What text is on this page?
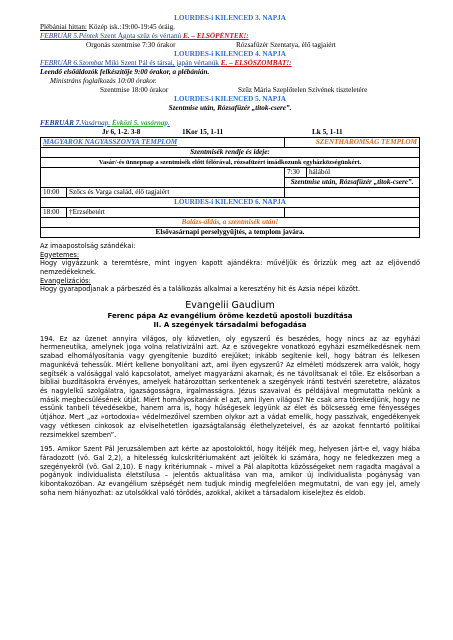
LOURDES-i KILENCED 3. NAPJA
Plébániai hittan: Közép isk.:19:00-19:45 óráig.
FEBRUÁR 5.Péntek Szent Ágota szűz és vértanú E. – ELSŐPÉNTEK!:
Orgonás szentmise 7:30 órakor	Rózsafüzér Szentatya, élő tagjaiért
LOURDES-i KILENCED 4. NAPJA
FEBRUÁR 6.Szombat Miki Szent Pál és társai, japán vértanúk E. – ELSŐSZOMBAT!:
Leendő elsőáldozók felkészítője 9:00 órakor, a plébánián.
Ministráns foglalkozás 10:00 órakor.
Szentmise 18:00 órakor	Szűz Mária Szeplőtelen Szívének tiszteletére
LOURDES-i KILENCED 5. NAPJA
Szentmise után, Rózsafüzér „titok-csere”.
FEBRUÁR 7.Vasárnap. Évközi 5. vasárnap.
Jr 6, 1-2. 3-8	1Kor 15, 1-11	Lk 5, 1-11
MAGYAROK NAGYASSZONYA TEMPLOM		SZENTHÁROMSÁG TEMPLOM	
Szentmisék rendje és ideje:			
Vasár/-és ünnepnap a szentmisék előtt félórával, rózsafüzért imádkozunk egyházközségünkért.			
		7:30	hálából
		Szentmise után, Rózsafüzér „titok-csere”.	
10:00	Szőcs és Varga család, élő tagjaiért		
LOURDES-i KILENCED 6. NAPJA			
18:00	†Erzsébetért		
Balázs-áldás, a szentmisék után!			
Elsővasárnapi perselygyűjtés, a templom javára.			
Az imaapostolság szándékai:
Egyetemes:
Hogy vigyázzunk a teremtésre, mint ingyen kapott ajándékra: művéljük és őrizzük meg azt az eljövendő nemzedékeknek.
Evangelizációs:
Hogy gyarapodjanak a párbeszéd és a találkozás alkalmai a keresztény hit és Ázsia népei között.
Evangelii Gaudium
Ferenc pápa Az evangélium öröme kezdetű apostoli buzdítása
II. A szegények társadalmi befogadása
194. Ez az üzenet annyira világos, oly közvetlen, oly egyszerű és beszédes, hogy nincs az az egyházi hermeneutika, amelynek joga volna relativizálni azt. Az e szövegekre vonatkozó egyházi eszmélkedésnek nem szabad elhomályosítania vagy gyengítenie buzdító erejüket; inkább segítenie kell, hogy bátran és lelkesen magunkévá tehessük. Miért kellene bonyolítani azt, ami ilyen egyszerű? Az elméleti módszerek arra valók, hogy segítsék a valósággal való kapcsolatot, amelyet magyarázni akarnak, és ne távolítsanak el tőle. Ez elsősorban a bibliai buzdításokra érvényes, amelyek határozottan serkentenek a szegények iránti testvéri szeretetre, alázatos és nagylelkű szolgálatra, igazságosságra, irgalmasságra. Jézus szavaival és példájával megmutatta nekünk a másik megbecsülésének útját. Miért homályosítanánk el azt, ami ilyen világos? Ne csak arra törekedjünk, hogy ne essünk tanbeli tévedésekbe, hanem arra is, hogy hűségesek legyünk az élet és bölcsesség eme fényességes útjához. Mert „az »ortodoxia« védelmezőivel szemben olykor azt a vádat emelik, hogy passzívak, engedékenyek vagy vétkesen cinkosok az elviselhetetlen igazságtalanság élethelyzeteivel, és az azokat fenntartó politikai rezsimekkel szemben”.
195. Amikor Szent Pál Jeruzsálemben azt kérte az apostoloktól, hogy ítéljék meg, helyesen járt-e el, vagy hiába fáradozott (vö. Gal 2,2), a hitelesség kulcskritériumaként azt jelölték ki számára, hogy ne feledkezzen meg a szegényekről (vö. Gal 2,10). E nagy kritériumnak – mivel a Pál alapította közösségeket nem ragadta magával a pogányok individualista életstílusa – jelentős aktualitása van ma, amikor új individualista pogányság van kibontakozóban. Az evangélium szépségét nem tudjuk mindig megfelelően megmutatni, de van egy jel, amely soha nem hiányozhat: az utolsókkal való törődés, azokkal, akiket a társadalom kiselejtez és eldob.
